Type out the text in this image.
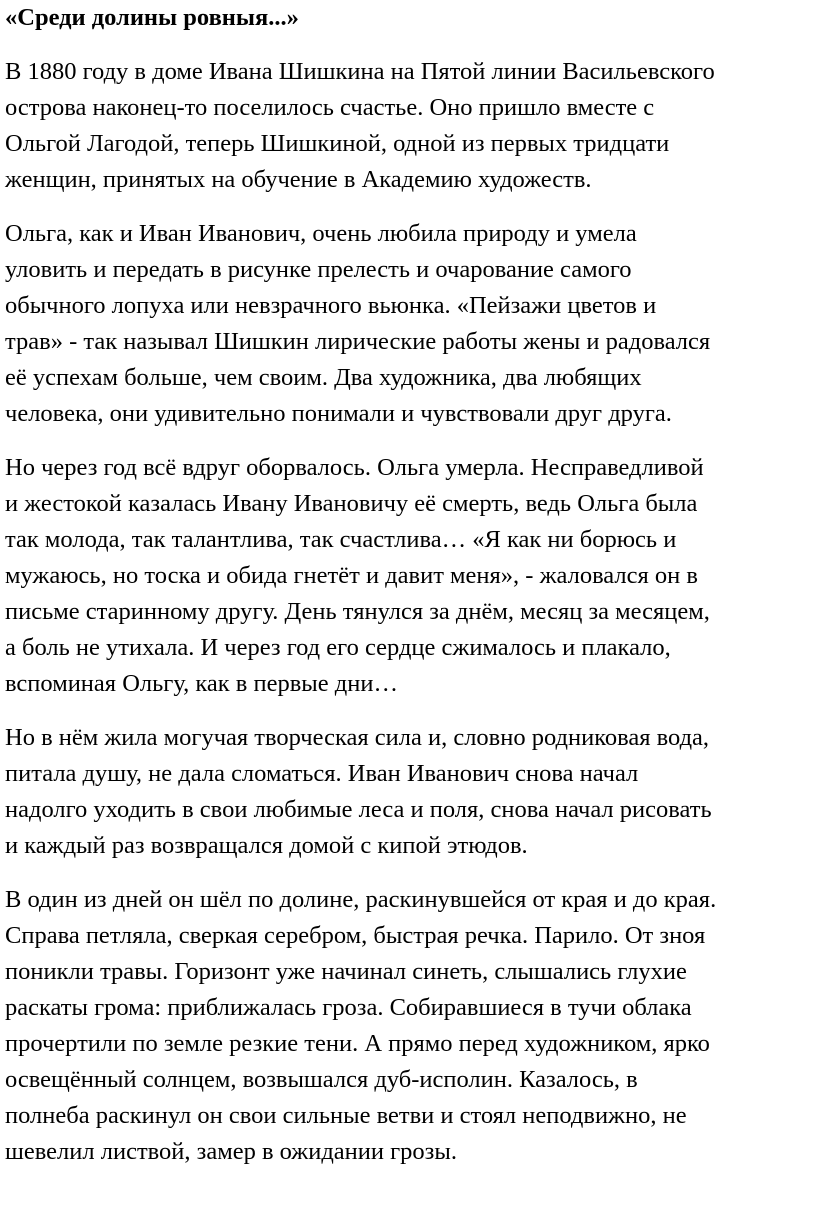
«Среди долины ровныя...»
В 1880 году в доме Ивана Шишкина на Пятой линии Васильевского
острова наконец-то поселилось счастье. Оно пришло вместе с
Ольгой Лагодой, теперь Шишкиной, одной из первых тридцати
женщин, принятых на обучение в Академию художеств.
Ольга, как и Иван Иванович, очень любила природу и умела
уловить и передать в рисунке прелесть и очарование самого
обычного лопуха или невзрачного вьюнка. «Пейзажи цветов и
трав» - так называл Шишкин лирические работы жены и радовался
её успехам больше, чем своим. Два художника, два любящих
человека, они удивительно понимали и чувствовали друг друга.
Но через год всё вдруг оборвалось. Ольга умерла. Несправедливой
и жестокой казалась Ивану Ивановичу её смерть, ведь Ольга была
так молода, так талантлива, так счастлива… «Я как ни борюсь и
мужаюсь, но тоска и обида гнетёт и давит меня», - жаловался он в
письме старинному другу. День тянулся за днём, месяц за месяцем,
а боль не утихала. И через год его сердце сжималось и плакало,
вспоминая Ольгу, как в первые дни…
Но в нём жила могучая творческая сила и, словно родниковая вода,
питала душу, не дала сломаться. Иван Иванович снова начал
надолго уходить в свои любимые леса и поля, снова начал рисовать
и каждый раз возвращался домой с кипой этюдов.
В один из дней он шёл по долине, раскинувшейся от края и до края.
Справа петляла, сверкая серебром, быстрая речка. Парило. От зноя
поникли травы. Горизонт уже начинал синеть, слышались глухие
раскаты грома: приближалась гроза. Собиравшиеся в тучи облака
прочертили по земле резкие тени. А прямо перед художником, ярко
освещённый солнцем, возвышался дуб-исполин. Казалось, в
полнеба раскинул он свои сильные ветви и стоял неподвижно, не
шевелил листвой, замер в ожидании грозы.
